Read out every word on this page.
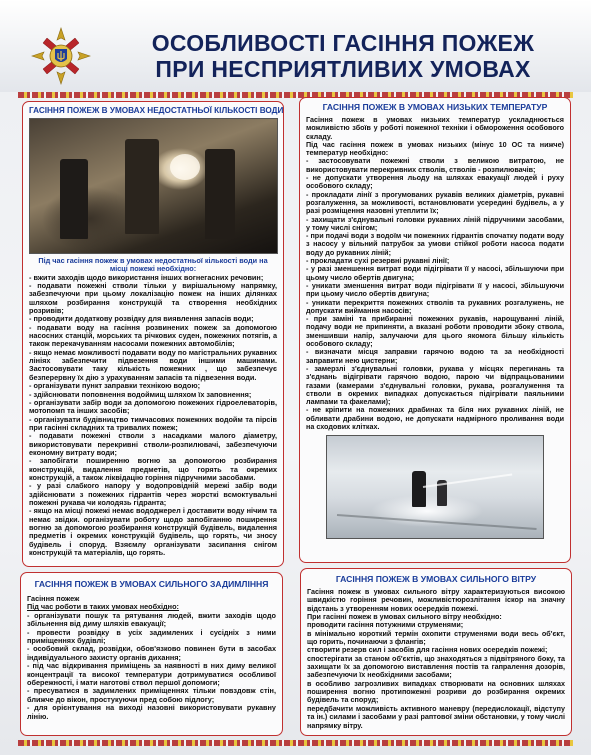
ОСОБЛИВОСТІ ГАСІННЯ ПОЖЕЖ
ПРИ НЕСПРИЯТЛИВИХ УМОВАХ
ГАСІННЯ ПОЖЕЖ В УМОВАХ НЕДОСТАТНЬОЇ КІЛЬКОСТІ ВОДИ

Під час гасіння пожеж в умовах недостатньої кількості води на місці пожежі необхідно:

- вжити заходів щодо використання інших вогнегасних речовин;

- подавати пожежні стволи тільки у вирішальному напрямку, забезпечуючи при цьому локалізацію пожеж на інших ділянках шляхом розбирання конструкцій та створення необхідних розривів;

- проводити додаткову розвідку для виявлення запасів води;

- подавати воду на гасіння розвинених пожеж за допомогою насосних станцій, морських та річкових суден, пожежних потягів, а також перекачуванням насосами пожежних автомобілів;

- якщо немає можливості подавати воду по магістральних рукавних лініях забезпечити підвезення води іншими машинами. Застосовувати таку кількість пожежних , що забезпечує безперервну їх дію з урахуванням запасів та підвезення води.

- організувати пункт заправки технікою водою;

- здійснювати поповнення водоймищ шляхом їх заповнення;

- організувати забір води за допомогою пожежних гідроелеваторів, мотопомп та інших засобів;

- організувати будівництво тимчасових пожежних водойм та пірсів при гасінні складних та тривалих пожеж;

- подавати пожежні стволи з насадками малого діаметру, використовувати перекривні стволи-розпилювачі, забезпечуючи економну витрату води;

- запобігати поширенню вогню за допомогою розбирання конструкцій, видалення предметів, що горять та окремих конструкцій, а також ліквідацію горіння підручними засобами.

- у разі слабкого напору у водопровідній мережі забір води здійснювати з пожежних гідрантів через жорсткі всмоктувальні пожежні рукава чи колодязь гідранта;

- якщо на місці пожежі немає вододжерел і доставити воду нічим та немає звідки. організувати роботу щодо запобіганню поширення вогню за допомогою розбирання конструкцій будівель, видалення предметів і окремих конструкцій будівель, що горять, чи зносу будівель і споруд. Взяємлу організувати засипання снігом конструкцій та матеріалів, що горять.

ГАСІННЯ ПОЖЕЖ В УМОВАХ НИЗЬКИХ ТЕМПЕРАТУР

Гасіння пожеж в умовах низьких температур ускладнюється можливістю збоїв у роботі пожежної техніки і обмороження особового складу.

Під час гасіння пожеж в умовах низьких (мінус 10 ОС та нижче) температур необхідно:

- застосовувати пожежні стволи з великою витратою, не використовувати перекривних стволів, стволів - розпилювачів;

- не допускати утворення льоду на шляхах евакуації людей і руху особового складу;

- прокладати лінії з прогумованих рукавів великих діаметрів, рукавні розгалуження, за можливості, встановлювати усередині будівель, а у разі розміщення назовні утеплити їх;

- захищати з'єднувальні головки рукавних ліній підручними засобами, у тому числі снігом;

- при подачі води з водоїм чи пожежних гідрантів спочатку подати воду з насосу у вільний патрубок за умови стійкої роботи насоса подати воду до рукавних ліній;

- прокладати сухі резервні рукавні лінії;

- у разі зменшення витрат води підігрівати її у насосі, збільшуючи при цьому число обертів двигуна;

- уникати зменшення витрат води підігрівати її у насосі, збільшуючи при цьому число обертів двигуна;

- уникати перекриття пожежних стволів та рукавних розгалужень, не допускати виймання насосів;

- при заміні та прибиранні пожежних рукавів, нарощуванні ліній, подачу води не припиняти, а вказані роботи проводити збоку ствола, зменшивши напір, залучаючи для цього якомога більшу кількість особового складу;

- визначати місця заправки гарячою водою та за необхідності заправити нею цистерни;

- замерзлі з'єднувальні головки, рукава у місцях перегинань та з'єднань відігрівати гарячою водою, парою чи відпрацьованими газами (камерами з'єднувальні головки, рукава, розгалуження та стволи в окремих випадках допускається підігрівати паяльними лампами та факелами);

- не кріпити на пожежних драбинах та біля них рукавних ліній, не обливати драбини водою, не допускати надмірного проливання води на сходових клітках.

ГАСІННЯ ПОЖЕЖ В УМОВАХ СИЛЬНОГО ЗАДИМЛІННЯ

Гасіння пожеж

Під час роботи в таких умовах необхідно:

- організувати пошук та рятування людей, вжити заходів щодо збільнення від диму шляхів евакуації;

- провести розвідку в усіх задимлених і сусідніх з ними приміщеннях будівлі;

- особовий склад, розвідки, обов'язково повинен бути в засобах індивідуального захисту органів дихання;

- під час відкривання приміщень за наявності в них диму великої концентрації та високої температури дотримуватися особливої обережності, і мати наготові ствол першої допомоги;

- пресуватися в задимлених приміщеннях тільки повздовж стін, ближче до вікон, простукуючи пред собою підлогу;

- для орієнтування на виході назовні використовувати рукавну лінію.

ГАСІННЯ ПОЖЕЖ В УМОВАХ СИЛЬНОГО ВІТРУ

Гасіння пожеж в умовах сильного вітру характеризуються високою швидкістю горіння речовин, можливістюрозлітання іскор на значну відстань з утворенням нових осередків пожежі.

При гасінні пожеж в умовах сильного вітру необхідно:

проводити гасіння потужними струменями;

в мінімально короткий термін охопити струменями води весь об'єкт, що горить, починаючи з флангів;

створити резерв сил і засобів для гасіння нових осередків пожежі;

спостерігати за станом об'єктів, що знаходяться з підвітряного боку, та захищати їх за допомогою виставлення постів та гапралення дозорів, забезпечуючи їх необхідними засобами;

в особливо загрозливих випадках створювати на основних шляхах поширення вогню протипожежні розриви до розбирання окремих будівель та споруд;

передбачити можливість активного маневру (передислокації, відступу та ін.) силами і засобами у разі раптової зміни обстановки, у тому числі напрямку вітру.
